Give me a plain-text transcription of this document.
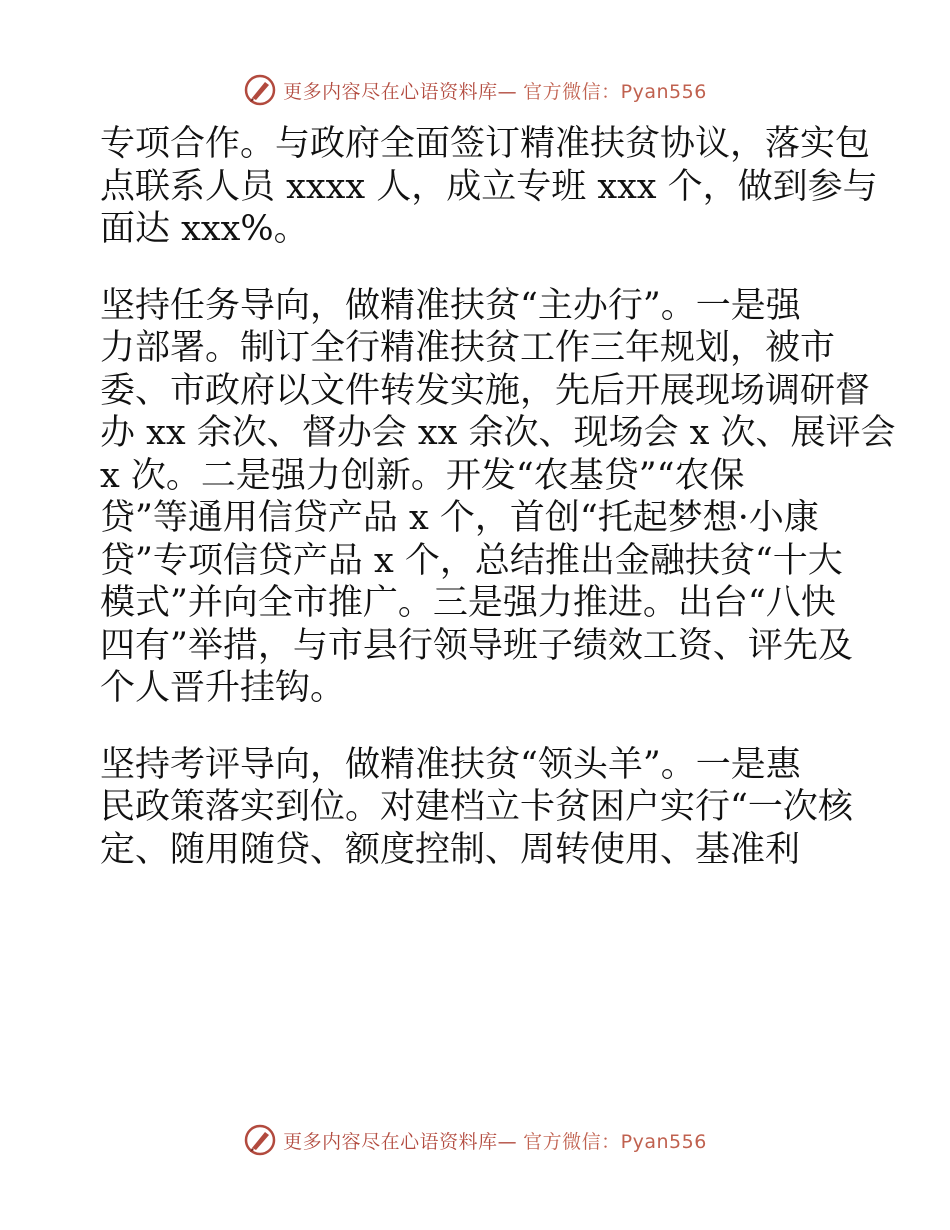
更多内容尽在心语资料库— 官方微信：Pyan556

专项合作。与政府全面签订精准扶贫协议，落实包
点联系人员 xxxx 人，成立专班 xxx 个，做到参与
面达 xxx%。

坚持任务导向，做精准扶贫“主办行”。一是强
力部署。制订全行精准扶贫工作三年规划，被市
委、市政府以文件转发实施，先后开展现场调研督
办 xx 余次、督办会 xx 余次、现场会 x 次、展评会
x 次。二是强力创新。开发“农基贷”“农保
贷”等通用信贷产品 x 个，首创“托起梦想·小康
贷”专项信贷产品 x 个，总结推出金融扶贫“十大
模式”并向全市推广。三是强力推进。出台“八快
四有”举措，与市县行领导班子绩效工资、评先及
个人晋升挂钩。

坚持考评导向，做精准扶贫“领头羊”。一是惠
民政策落实到位。对建档立卡贫困户实行“一次核
定、随用随贷、额度控制、周转使用、基准利

更多内容尽在心语资料库— 官方微信：Pyan556
